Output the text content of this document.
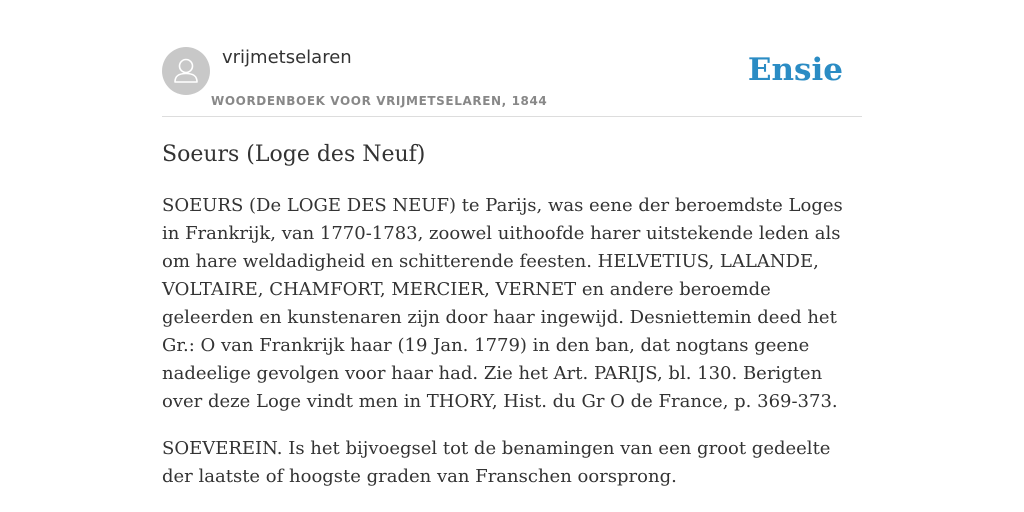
vrijmetselaren
WOORDENBOEK VOOR VRIJMETSELAREN, 1844
Ensie
Soeurs (Loge des Neuf)

SOEURS (De LOGE DES NEUF) te Parijs, was eene der beroemdste Loges in Frankrijk, van 1770-1783, zoowel uithoofde harer uitstekende leden als om hare weldadigheid en schitterende feesten. HELVETIUS, LALANDE, VOLTAIRE, CHAMFORT, MERCIER, VERNET en andere beroemde geleerden en kunstenaren zijn door haar ingewijd. Desniettemin deed het Gr.: O van Frankrijk haar (19 Jan. 1779) in den ban, dat nogtans geene nadeelige gevolgen voor haar had. Zie het Art. PARIJS, bl. 130. Berigten over deze Loge vindt men in THORY, Hist. du Gr O de France, p. 369-373.

SOEVEREIN. Is het bijvoegsel tot de benamingen van een groot gedeelte der laatste of hoogste graden van Franschen oorsprong.
